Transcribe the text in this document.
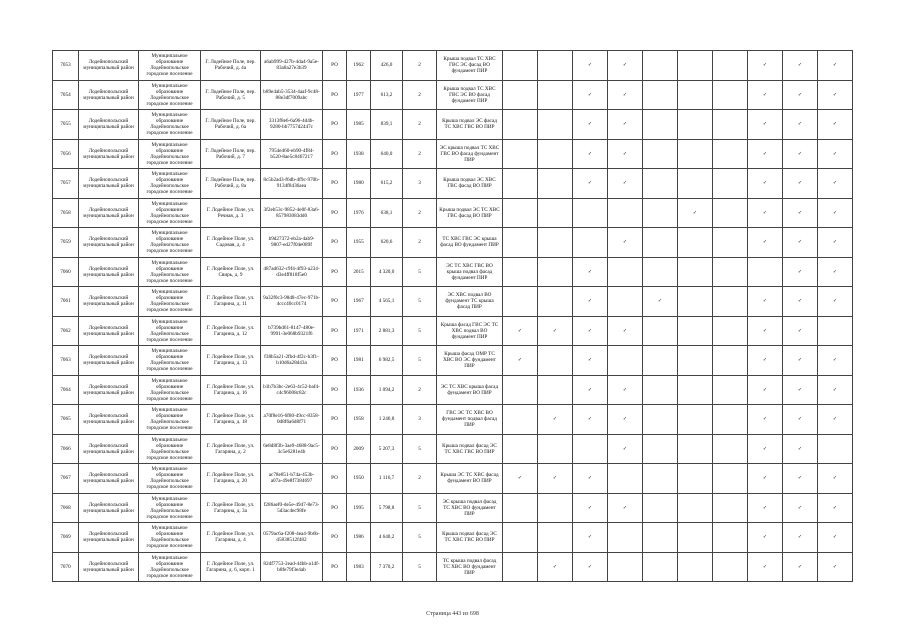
7053	Лодейнопольский муниципальный район	Муниципальное образование Лодейнопольское городское поселение	Г. Лодейное Поле, пер. Рабочий, д. 4а	a6ab999-427b-4da4-9a5e-83a8a27e3b39	РО	1962	426,0	2	Крыша подвал ТС ХВС ГВС ЭС фасад ВО фундамент ПИР			✓	✓				✓	✓	✓
7054	Лодейнопольский муниципальный район	Муниципальное образование Лодейнопольское городское поселение	Г. Лодейное Поле, пер. Рабочий, д. 5	b89e4ab5-3534-4aaf-9c48-88e3df7009abc	РО	1977	613,2	2	Крыша подвал ТС ХВС ГВС ЭС ВО фасад фундамент ПИР			✓	✓				✓	✓	✓
7055	Лодейнопольский муниципальный район	Муниципальное образование Лодейнопольское городское поселение	Г. Лодейное Поле, пер. Рабочий, д. 6а	3313f8e6-6a96-4d4b-9280-bb7757d2447c	РО	1985	839,1	2	Крыша подвал ЭС фасад ТС ХВС ГВС ВО ПИР			✓	✓				✓	✓	✓
7056	Лодейнопольский муниципальный район	Муниципальное образование Лодейнопольское городское поселение	Г. Лодейное Поле, пер. Рабочий, д. 7	7954e460-eb90-4f84-b520-8ae5c8467217	РО	1938	640,0	2	ЭС крыша подвал ТС ХВС ГВС ВО фасад фундамент ПИР			✓	✓				✓	✓	✓
7057	Лодейнопольский муниципальный район	Муниципальное образование Лодейнопольское городское поселение	Г. Лодейное Поле, пер. Рабочий, д. 8а	8c5b2ad3-f6db-4f9c-970b-9134f8436aea	РО	1980	615,2	3	Крыша подвал ЭС ХВС ГВС фасад ВО ПИР			✓	✓				✓	✓	✓
7058	Лодейнопольский муниципальный район	Муниципальное образование Лодейнопольское городское поселение	Г. Лодейное Поле, ул. Речная, д. 3	3f2eb53c-9852-4e0f-83a6-857983083dd0	РО	1976	638,1	2	Крыша подвал ЭС ТС ХВС ГВС фасад ВО ПИР						✓		✓	✓	✓
7059	Лодейнопольский муниципальный район	Муниципальное образование Лодейнопольское городское поселение	Г. Лодейное Поле, ул. Садовая, д. 4	b9d27372-eb2a-4ab9-9807-ed27f04e089f	РО	1955	620,6	2	ТС ХВС ГВС ЭС крыша фасад ВО фундамент ПИР				✓				✓	✓	✓
7060	Лодейнопольский муниципальный район	Муниципальное образование Лодейнопольское городское поселение	Г. Лодейное Поле, ул. Свирь, д. 9	487ad632-c9f4-4f93-a234-d3e4ff818f5e0	РО	2015	4 320,0	5	ЭС ТС ХВС ГВС ВО крыша подвал фасад фундамент ПИР			✓						✓	✓
7061	Лодейнопольский муниципальный район	Муниципальное образование Лодейнопольское городское поселение	Г. Лодейное Поле, ул. Гагарина, д. 11	9a32f0c3-98d8-47ec-971b-4ccc40cc0174	РО	1967	4 565,1	5	ЭС ХВС подвал ВО фундамент ТС крыша фасад ПИР			✓		✓			✓	✓	✓
7062	Лодейнопольский муниципальный район	Муниципальное образование Лодейнопольское городское поселение	Г. Лодейное Поле, ул. Гагарина, д. 12	b739bd61-8147-480e-9991-3e068b9321f6	РО	1971	2 881,3	5	Крыша фасад ГВС ЭС ТС ХВС подвал ВО фундамент ПИР	✓	✓	✓	✓				✓	✓	
7063	Лодейнопольский муниципальный район	Муниципальное образование Лодейнопольское городское поселение	Г. Лодейное Поле, ул. Гагарина, д. 13	f38b5a21-2fbd-4f2c-b3f1-b10d6a28d43a	РО	1981	6 982,5	5	Крыша фасад ОМР ТС ХВС ВО ЭС фундамент ПИР	✓		✓					✓	✓	✓
7064	Лодейнопольский муниципальный район	Муниципальное образование Лодейнопольское городское поселение	Г. Лодейное Поле, ул. Гагарина, д. 16	b1b7b3bc-2e63-4c52-baf4-c4c96008c82c	РО	1936	1 094,2	2	ЭС ТС ХВС крыша фасад фундамент ВО ПИР			✓	✓				✓	✓	✓
7065	Лодейнопольский муниципальный район	Муниципальное образование Лодейнопольское городское поселение	Г. Лодейное Поле, ул. Гагарина, д. 18	a70f8e16-6f80-49cc-8358-0d8f6a6d8f71	РО	1958	1 246,8	3	ГВС ЭС ТС ХВС ВО фундамент подвал фасад ПИР		✓	✓	✓				✓	✓	✓
7066	Лодейнопольский муниципальный район	Муниципальное образование Лодейнопольское городское поселение	Г. Лодейное Поле, ул. Гагарина, д. 2	6e8d8f3b-3ae9-4688-9ac5-3c5e6281e4b	РО	2009	5 207,3	5	Крыша подвал фасад ЭС ТС ХВС ГВС ВО ПИР				✓				✓	✓	
7067	Лодейнопольский муниципальный район	Муниципальное образование Лодейнопольское городское поселение	Г. Лодейное Поле, ул. Гагарина, д. 20	ac78e851-b74a-453b-a07a-49e8f7384697	РО	1950	1 116,7	2	Крыша ЭС ТС ХВС фасад фундамент ВО ПИР	✓	✓	✓					✓	✓	✓
7068	Лодейнопольский муниципальный район	Муниципальное образование Лодейнопольское городское поселение	Г. Лодейное Поле, ул. Гагарина, д. 3а	f286aef0-de5e-4947-8e73-5d3ac4ec98fe	РО	1995	5 798,8	5	ЭС крыша подвал фасад ТС ХВС ВО фундамент ПИР			✓	✓				✓	✓	✓
7069	Лодейнопольский муниципальный район	Муниципальное образование Лодейнопольское городское поселение	Г. Лодейное Поле, ул. Гагарина, д. 4	0579ac6a-f208-4ea4-9b6b-d5838512f482	РО	1986	4 640,2	5	Крыша подвал фасад ЭС ТС ХВС ГВС ВО ПИР			✓					✓	✓	✓
7070	Лодейнопольский муниципальный район	Муниципальное образование Лодейнопольское городское поселение	Г. Лодейное Поле, ул. Гагарина, д. 6, корп. 1	82df7753-2ead-44bb-a14f-b8fe79f3e4ab	РО	1983	7 370,2	5	ТС крыша подвал фасад ТС ХВС ВО фундамент ПИР		✓	✓					✓	✓	✓
Страница 443 из 698
